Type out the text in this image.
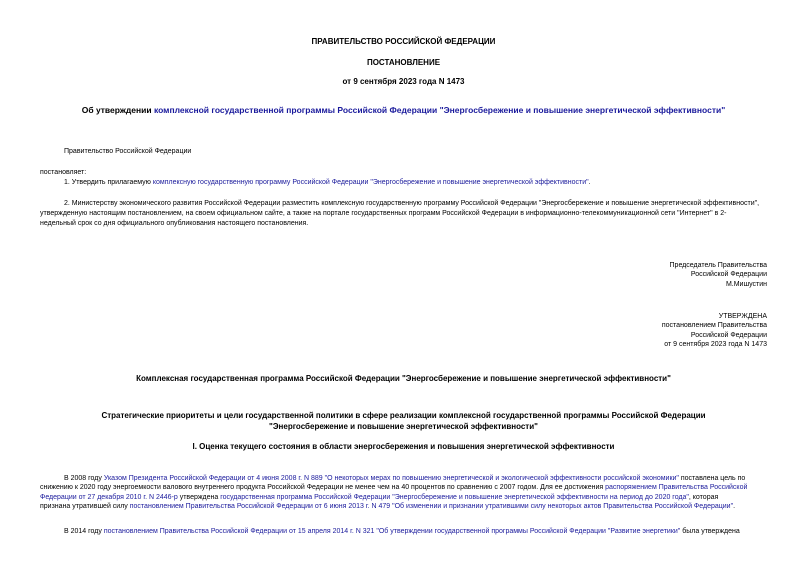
ПРАВИТЕЛЬСТВО РОССИЙСКОЙ ФЕДЕРАЦИИ
ПОСТАНОВЛЕНИЕ
от 9 сентября 2023 года N 1473
Об утверждении комплексной государственной программы Российской Федерации "Энергосбережение и повышение энергетической эффективности"
Правительство Российской Федерации
постановляет:
1. Утвердить прилагаемую комплексную государственную программу Российской Федерации "Энергосбережение и повышение энергетической эффективности".
2. Министерству экономического развития Российской Федерации разместить комплексную государственную программу Российской Федерации "Энергосбережение и повышение энергетической эффективности",
утвержденную настоящим постановлением, на своем официальном сайте, а также на портале государственных программ Российской Федерации в информационно-телекоммуникационной сети "Интернет" в 2-
недельный срок со дня официального опубликования настоящего постановления.
Председатель Правительства
Российской Федерации
М.Мишустин
УТВЕРЖДЕНА
постановлением Правительства
Российской Федерации
от 9 сентября 2023 года N 1473
Комплексная государственная программа Российской Федерации "Энергосбережение и повышение энергетической эффективности"
Стратегические приоритеты и цели государственной политики в сфере реализации комплексной государственной программы Российской Федерации
"Энергосбережение и повышение энергетической эффективности"
I. Оценка текущего состояния в области энергосбережения и повышения энергетической эффективности
В 2008 году Указом Президента Российской Федерации от 4 июня 2008 г. N 889 "О некоторых мерах по повышению энергетической и экологической эффективности российской экономики" поставлена цель по
снижению к 2020 году энергоемкости валового внутреннего продукта Российской Федерации не менее чем на 40 процентов по сравнению с 2007 годом. Для ее достижения распоряжением Правительства Российской
Федерации от 27 декабря 2010 г. N 2446-р утверждена государственная программа Российской Федерации "Энергосбережение и повышение энергетической эффективности на период до 2020 года", которая
признана утратившей силу постановлением Правительства Российской Федерации от 6 июня 2013 г. N 479 "Об изменении и признании утратившими силу некоторых актов Правительства Российской Федерации".
В 2014 году постановлением Правительства Российской Федерации от 15 апреля 2014 г. N 321 "Об утверждении государственной программы Российской Федерации "Развитие энергетики" была утверждена
